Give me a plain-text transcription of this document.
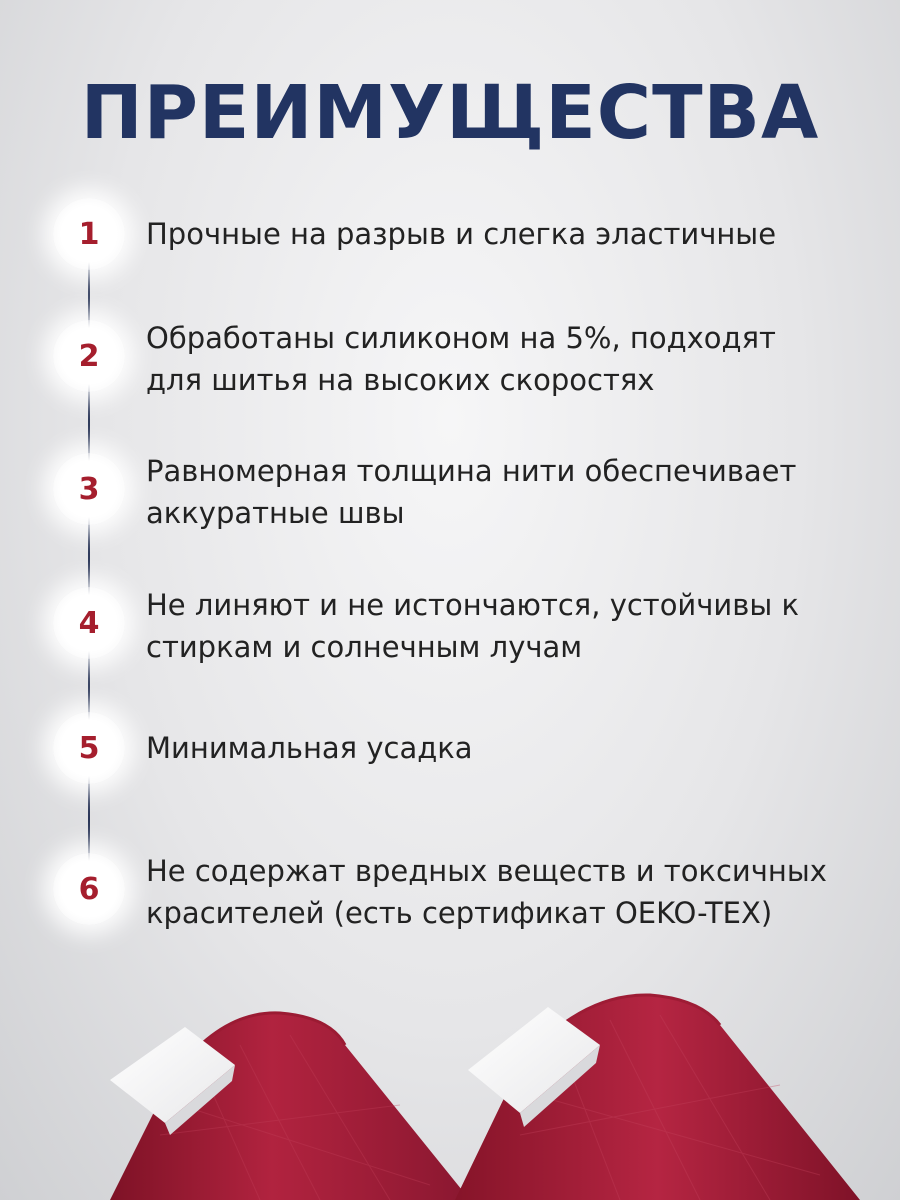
ПРЕИМУЩЕСТВА
1	Прочные на разрыв и слегка эластичные
2
Обработаны силиконом на 5%, подходят для шитья на высоких скоростях
3
Равномерная толщина нити обеспечивает аккуратные швы
4
Не линяют и не истончаются, устойчивы к стиркам и солнечным лучам
5	Минимальная усадка
6
Не содержат вредных веществ и токсичных красителей (есть сертификат OEKO-TEX)
